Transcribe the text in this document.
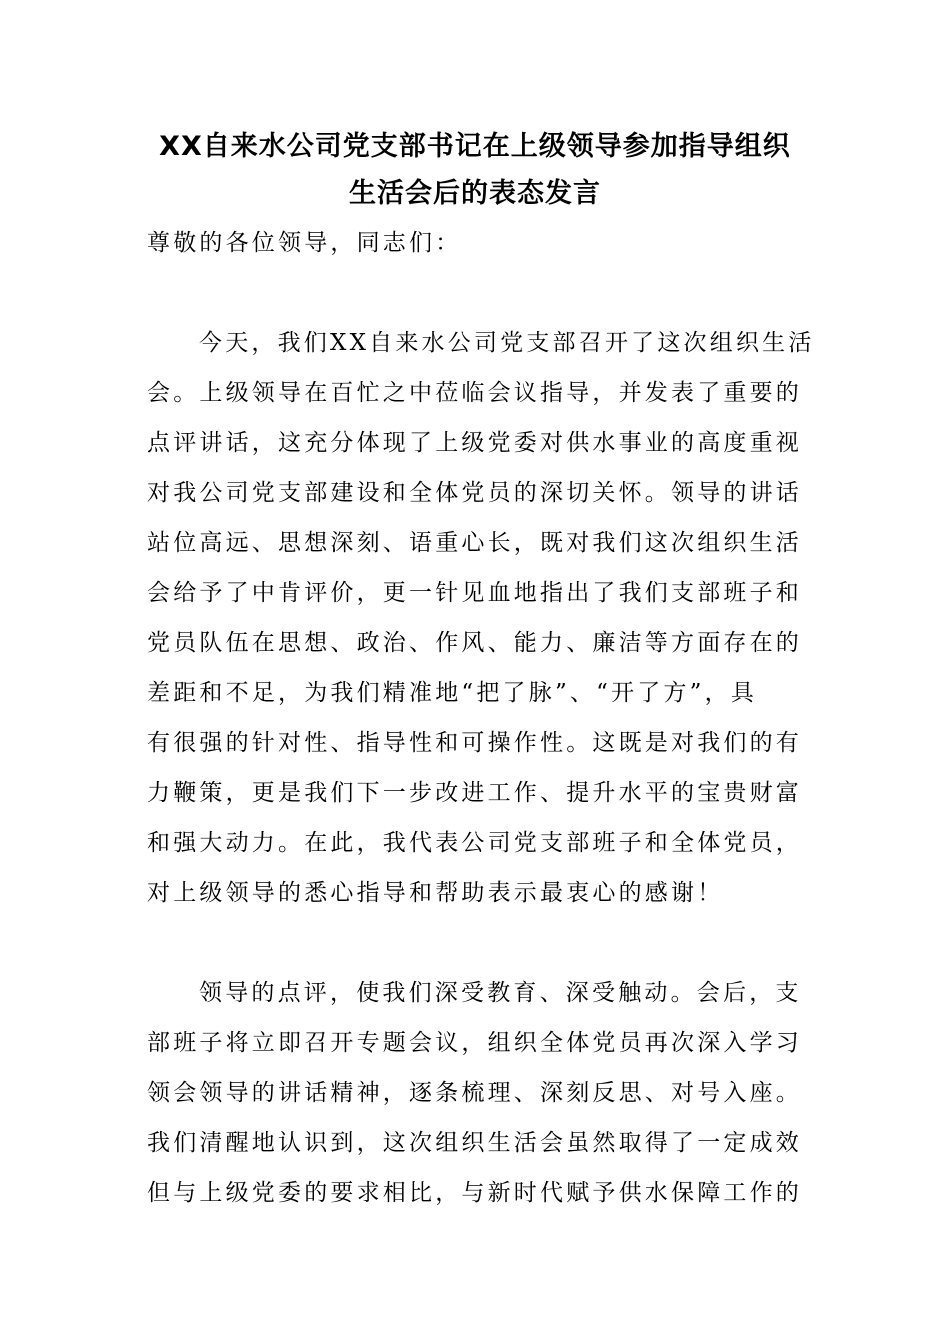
XX自来水公司党支部书记在上级领导参加指导组织
生活会后的表态发言
尊敬的各位领导，同志们：
今天，我们XX自来水公司党支部召开了这次组织生活
会。上级领导在百忙之中莅临会议指导，并发表了重要的
点评讲话，这充分体现了上级党委对供水事业的高度重视
对我公司党支部建设和全体党员的深切关怀。领导的讲话
站位高远、思想深刻、语重心长，既对我们这次组织生活
会给予了中肯评价，更一针见血地指出了我们支部班子和
党员队伍在思想、政治、作风、能力、廉洁等方面存在的
差距和不足，为我们精准地“把了脉”、“开了方”，具
有很强的针对性、指导性和可操作性。这既是对我们的有
力鞭策，更是我们下一步改进工作、提升水平的宝贵财富
和强大动力。在此，我代表公司党支部班子和全体党员，
对上级领导的悉心指导和帮助表示最衷心的感谢！
领导的点评，使我们深受教育、深受触动。会后，支
部班子将立即召开专题会议，组织全体党员再次深入学习
领会领导的讲话精神，逐条梳理、深刻反思、对号入座。
我们清醒地认识到，这次组织生活会虽然取得了一定成效
但与上级党委的要求相比，与新时代赋予供水保障工作的
